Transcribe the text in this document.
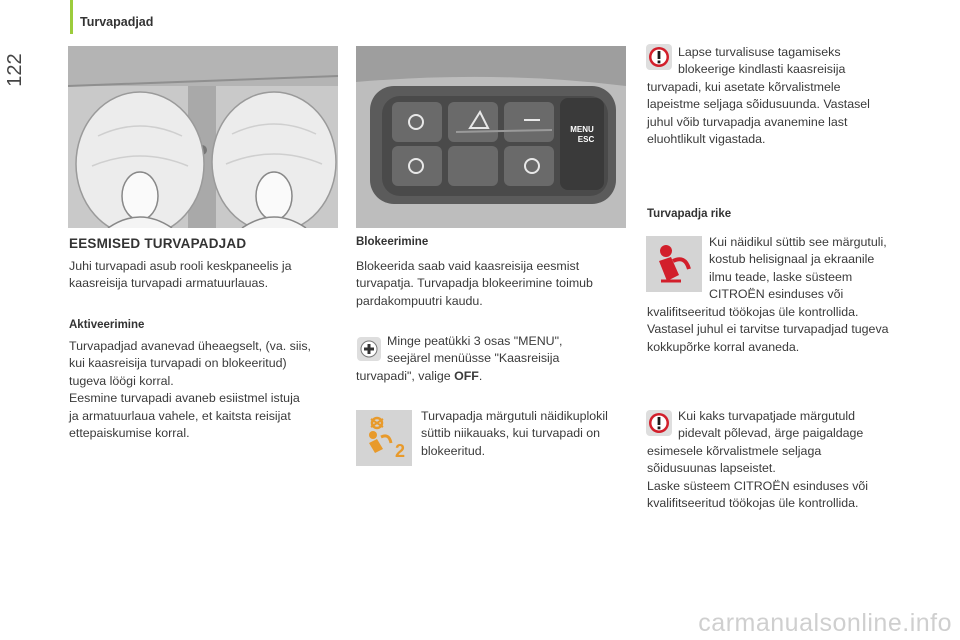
Turvapadjad
122
EESMISED TURVAPADJAD
Juhi turvapadi asub rooli keskpaneelis ja kaasreisija turvapadi armatuurlauas.
Aktiveerimine
Turvapadjad avanevad üheaegselt, (va. siis,
kui kaasreisija turvapadi on blokeeritud)
tugeva löögi korral.
Eesmine turvapadi avaneb esiistmel istuja
ja armatuurlaua vahele, et kaitsta reisijat
ettepaiskumise korral.
MENU
ESC
Blokeerimine
Blokeerida saab vaid kaasreisija eesmist turvapatja. Turvapadja blokeerimine toimub pardakompuutri kaudu.
Minge peatükki 3 osas "MENU",
seejärel menüüsse "Kaasreisija
turvapadi", valige OFF.
2
Turvapadja märgutuli näidikuplokil süttib niikauaks, kui turvapadi on blokeeritud.
Lapse turvalisuse tagamiseks
blokeerige kindlasti kaasreisija
turvapadi, kui asetate kõrvalistmele
lapeistme seljaga sõidusuunda. Vastasel
juhul võib turvapadja avanemine last
eluohtlikult vigastada.
Turvapadja rike
Kui näidikul süttib see märgutuli,
kostub helisignaal ja ekraanile
ilmu teade, laske süsteem
CITROËN esinduses või
kvalifitseeritud töökojas üle kontrollida.
Vastasel juhul ei tarvitse turvapadjad tugeva
kokkupõrke korral avaneda.
Kui kaks turvapatjade märgutuld
pidevalt põlevad, ärge paigaldage
esimesele kõrvalistmele seljaga
sõidusuunas lapseistet.
Laske süsteem CITROËN esinduses või
kvalifitseeritud töökojas üle kontrollida.
carmanualsonline.info
